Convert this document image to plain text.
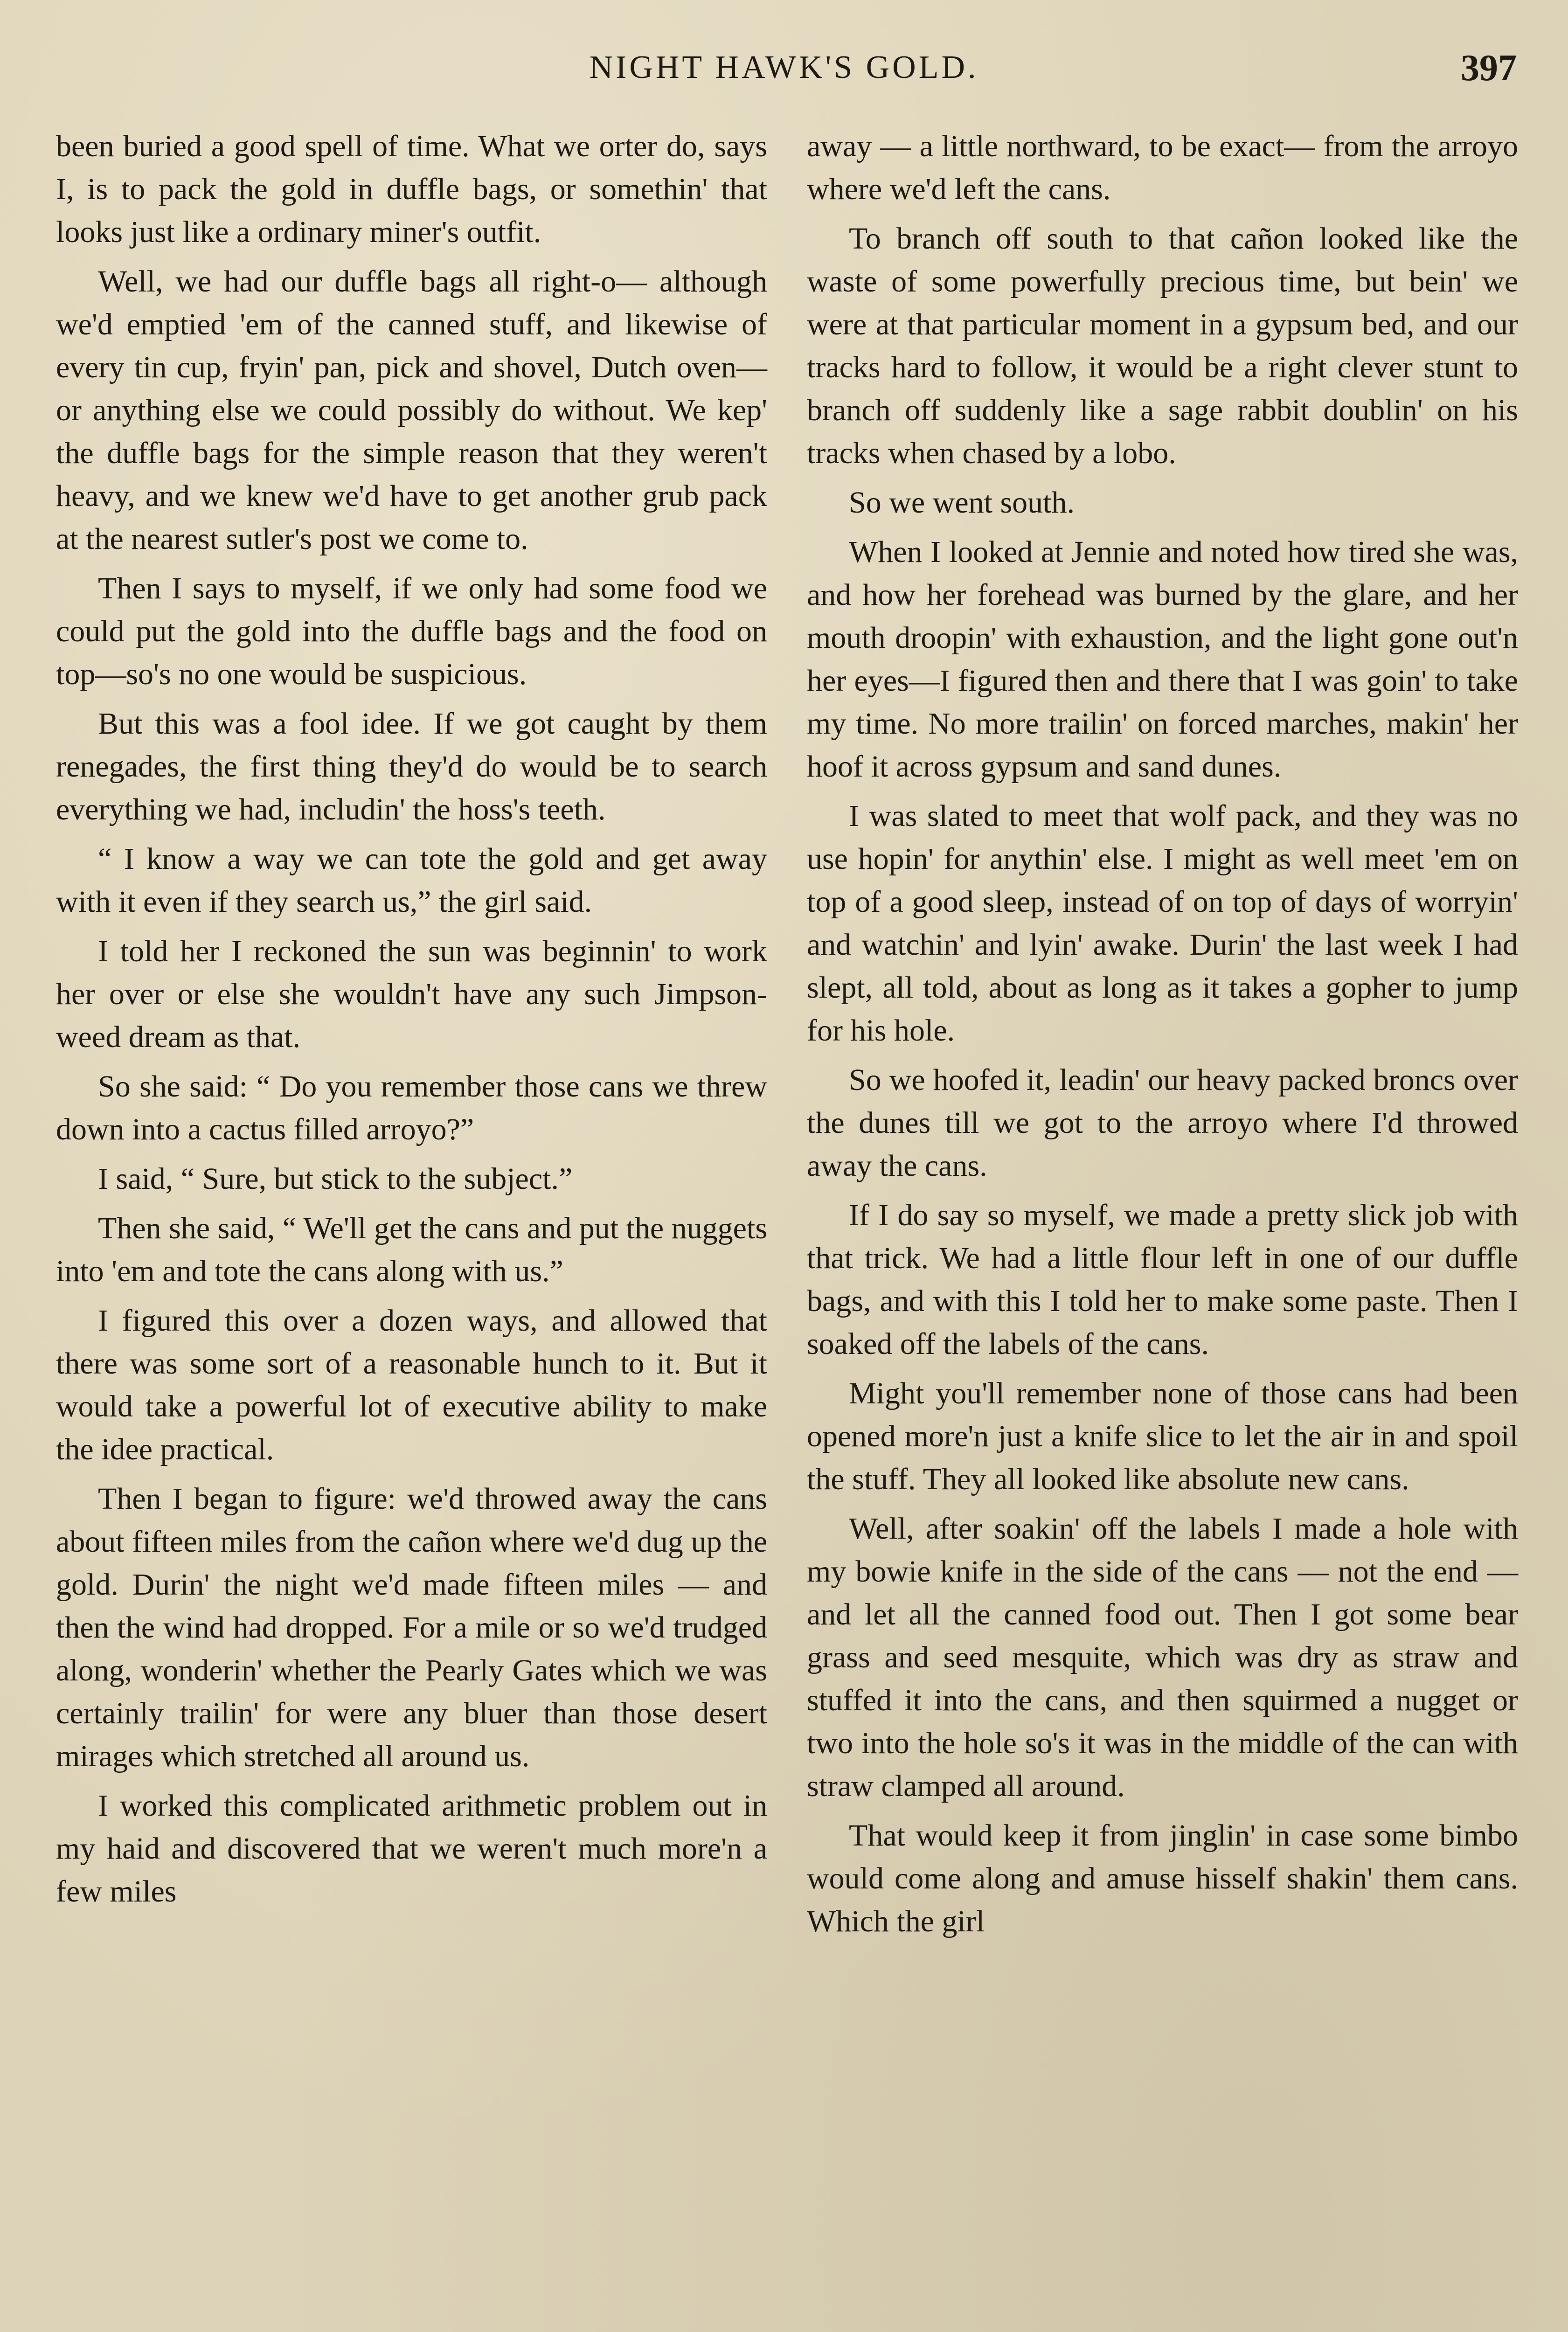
NIGHT HAWK'S GOLD.	397

been buried a good spell of time. What we orter do, says I, is to pack the gold in duffle bags, or somethin' that looks just like a ordinary miner's outfit.

Well, we had our duffle bags all right-o— although we'd emptied 'em of the canned stuff, and likewise of every tin cup, fryin' pan, pick and shovel, Dutch oven—or anything else we could possibly do without. We kep' the duffle bags for the simple reason that they weren't heavy, and we knew we'd have to get another grub pack at the nearest sutler's post we come to.

Then I says to myself, if we only had some food we could put the gold into the duffle bags and the food on top—so's no one would be suspicious.

But this was a fool idee. If we got caught by them renegades, the first thing they'd do would be to search everything we had, includin' the hoss's teeth.

“ I know a way we can tote the gold and get away with it even if they search us,” the girl said.

I told her I reckoned the sun was beginnin' to work her over or else she wouldn't have any such Jimpson-weed dream as that.

So she said: “ Do you remember those cans we threw down into a cactus filled arroyo?”

I said, “ Sure, but stick to the subject.”

Then she said, “ We'll get the cans and put the nuggets into 'em and tote the cans along with us.”

I figured this over a dozen ways, and allowed that there was some sort of a reasonable hunch to it. But it would take a powerful lot of executive ability to make the idee practical.

Then I began to figure: we'd throwed away the cans about fifteen miles from the cañon where we'd dug up the gold. Durin' the night we'd made fifteen miles — and then the wind had dropped. For a mile or so we'd trudged along, wonderin' whether the Pearly Gates which we was certainly trailin' for were any bluer than those desert mirages which stretched all around us.

I worked this complicated arithmetic problem out in my haid and discovered that we weren't much more'n a few miles

away — a little northward, to be exact— from the arroyo where we'd left the cans.

To branch off south to that cañon looked like the waste of some powerfully precious time, but bein' we were at that particular moment in a gypsum bed, and our tracks hard to follow, it would be a right clever stunt to branch off suddenly like a sage rabbit doublin' on his tracks when chased by a lobo.

So we went south.

When I looked at Jennie and noted how tired she was, and how her forehead was burned by the glare, and her mouth droopin' with exhaustion, and the light gone out'n her eyes—I figured then and there that I was goin' to take my time. No more trailin' on forced marches, makin' her hoof it across gypsum and sand dunes.

I was slated to meet that wolf pack, and they was no use hopin' for anythin' else. I might as well meet 'em on top of a good sleep, instead of on top of days of worryin' and watchin' and lyin' awake. Durin' the last week I had slept, all told, about as long as it takes a gopher to jump for his hole.

So we hoofed it, leadin' our heavy packed broncs over the dunes till we got to the arroyo where I'd throwed away the cans.

If I do say so myself, we made a pretty slick job with that trick. We had a little flour left in one of our duffle bags, and with this I told her to make some paste. Then I soaked off the labels of the cans.

Might you'll remember none of those cans had been opened more'n just a knife slice to let the air in and spoil the stuff. They all looked like absolute new cans.

Well, after soakin' off the labels I made a hole with my bowie knife in the side of the cans — not the end — and let all the canned food out. Then I got some bear grass and seed mesquite, which was dry as straw and stuffed it into the cans, and then squirmed a nugget or two into the hole so's it was in the middle of the can with straw clamped all around.

That would keep it from jinglin' in case some bimbo would come along and amuse hisself shakin' them cans. Which the girl
